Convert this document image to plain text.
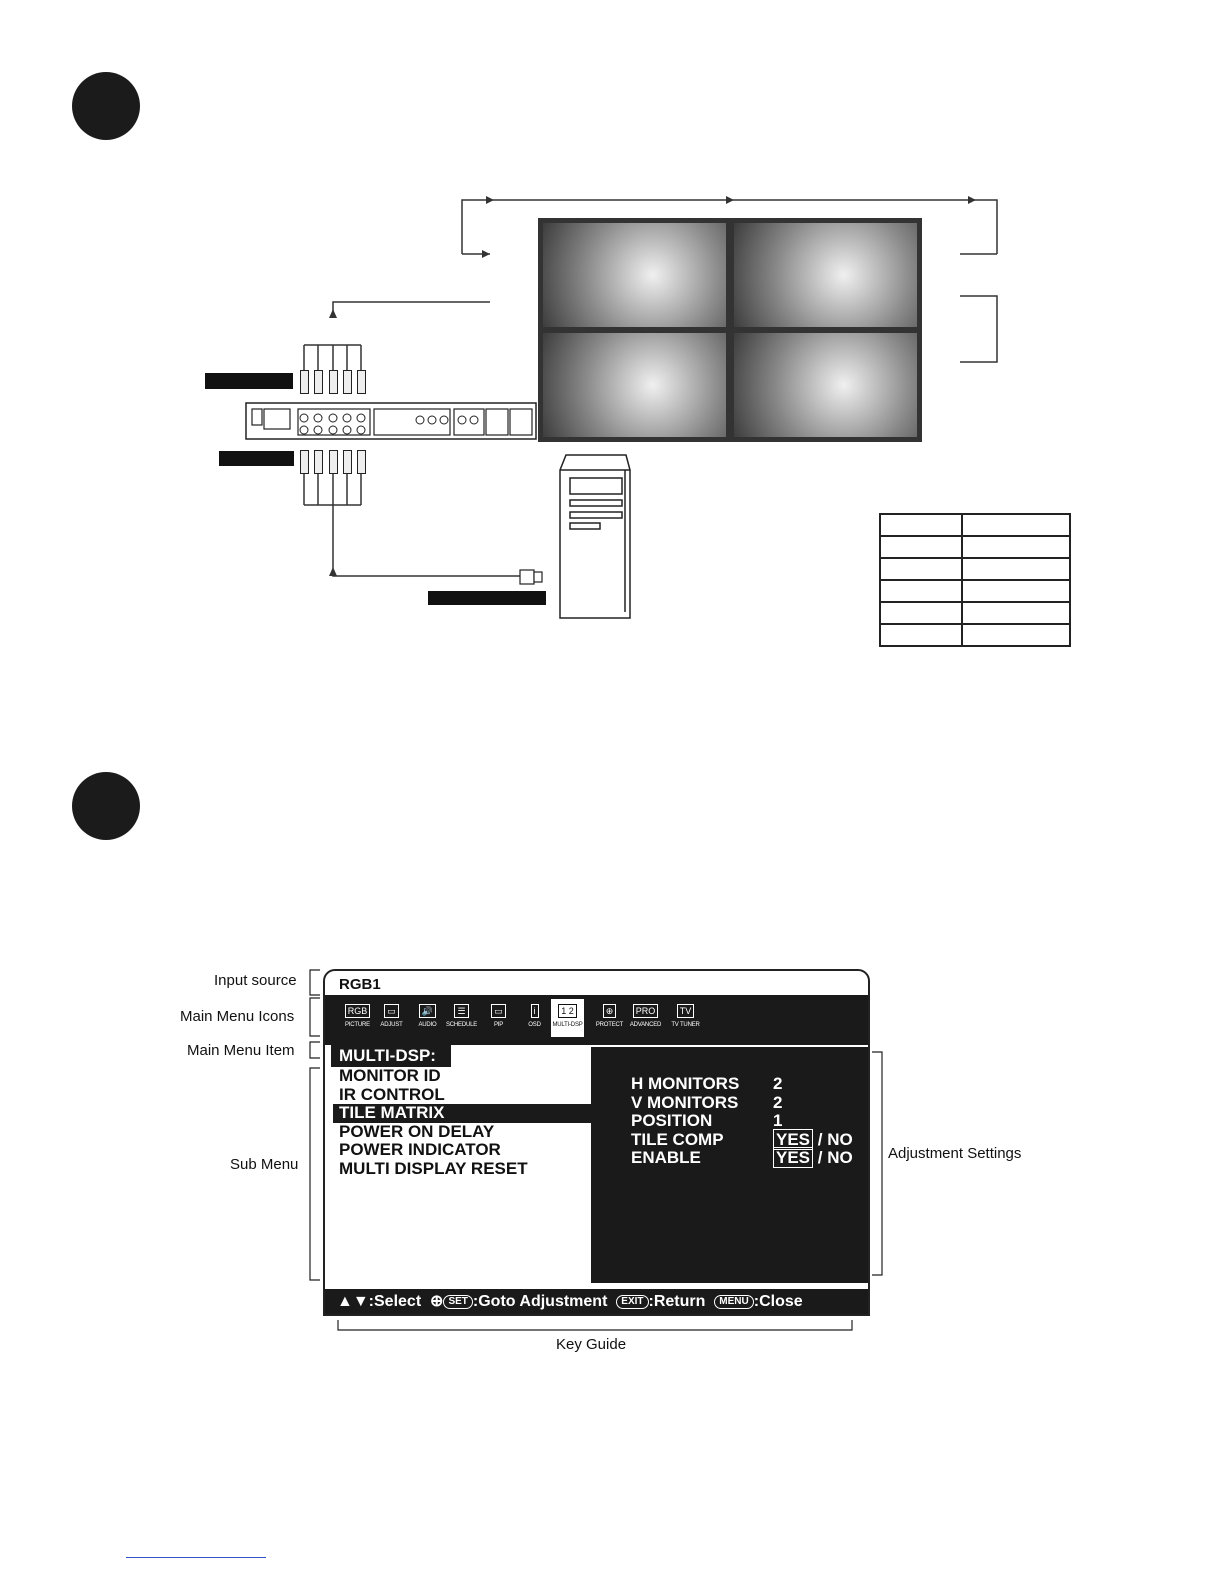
Input source
Main Menu Icons
Main Menu Item
Sub Menu
Adjustment Settings
Key Guide
RGB1
RGB
PICTURE
▭
ADJUST
🔊
AUDIO
☰
SCHEDULE
▭
PIP
i
OSD
1 2
MULTI-DSP
⊕
PROTECT
PRO
ADVANCED
TV
TV TUNER
MULTI-DSP:
MONITOR ID
IR CONTROL
TILE MATRIX
POWER ON DELAY
POWER INDICATOR
MULTI DISPLAY RESET
H MONITORS 2
V MONITORS 2
POSITION	1
TILE COMP	YES / NO
ENABLE	YES / NO
▲▼:Select ⊕ SET :Goto Adjustment EXIT :Return MENU :Close
